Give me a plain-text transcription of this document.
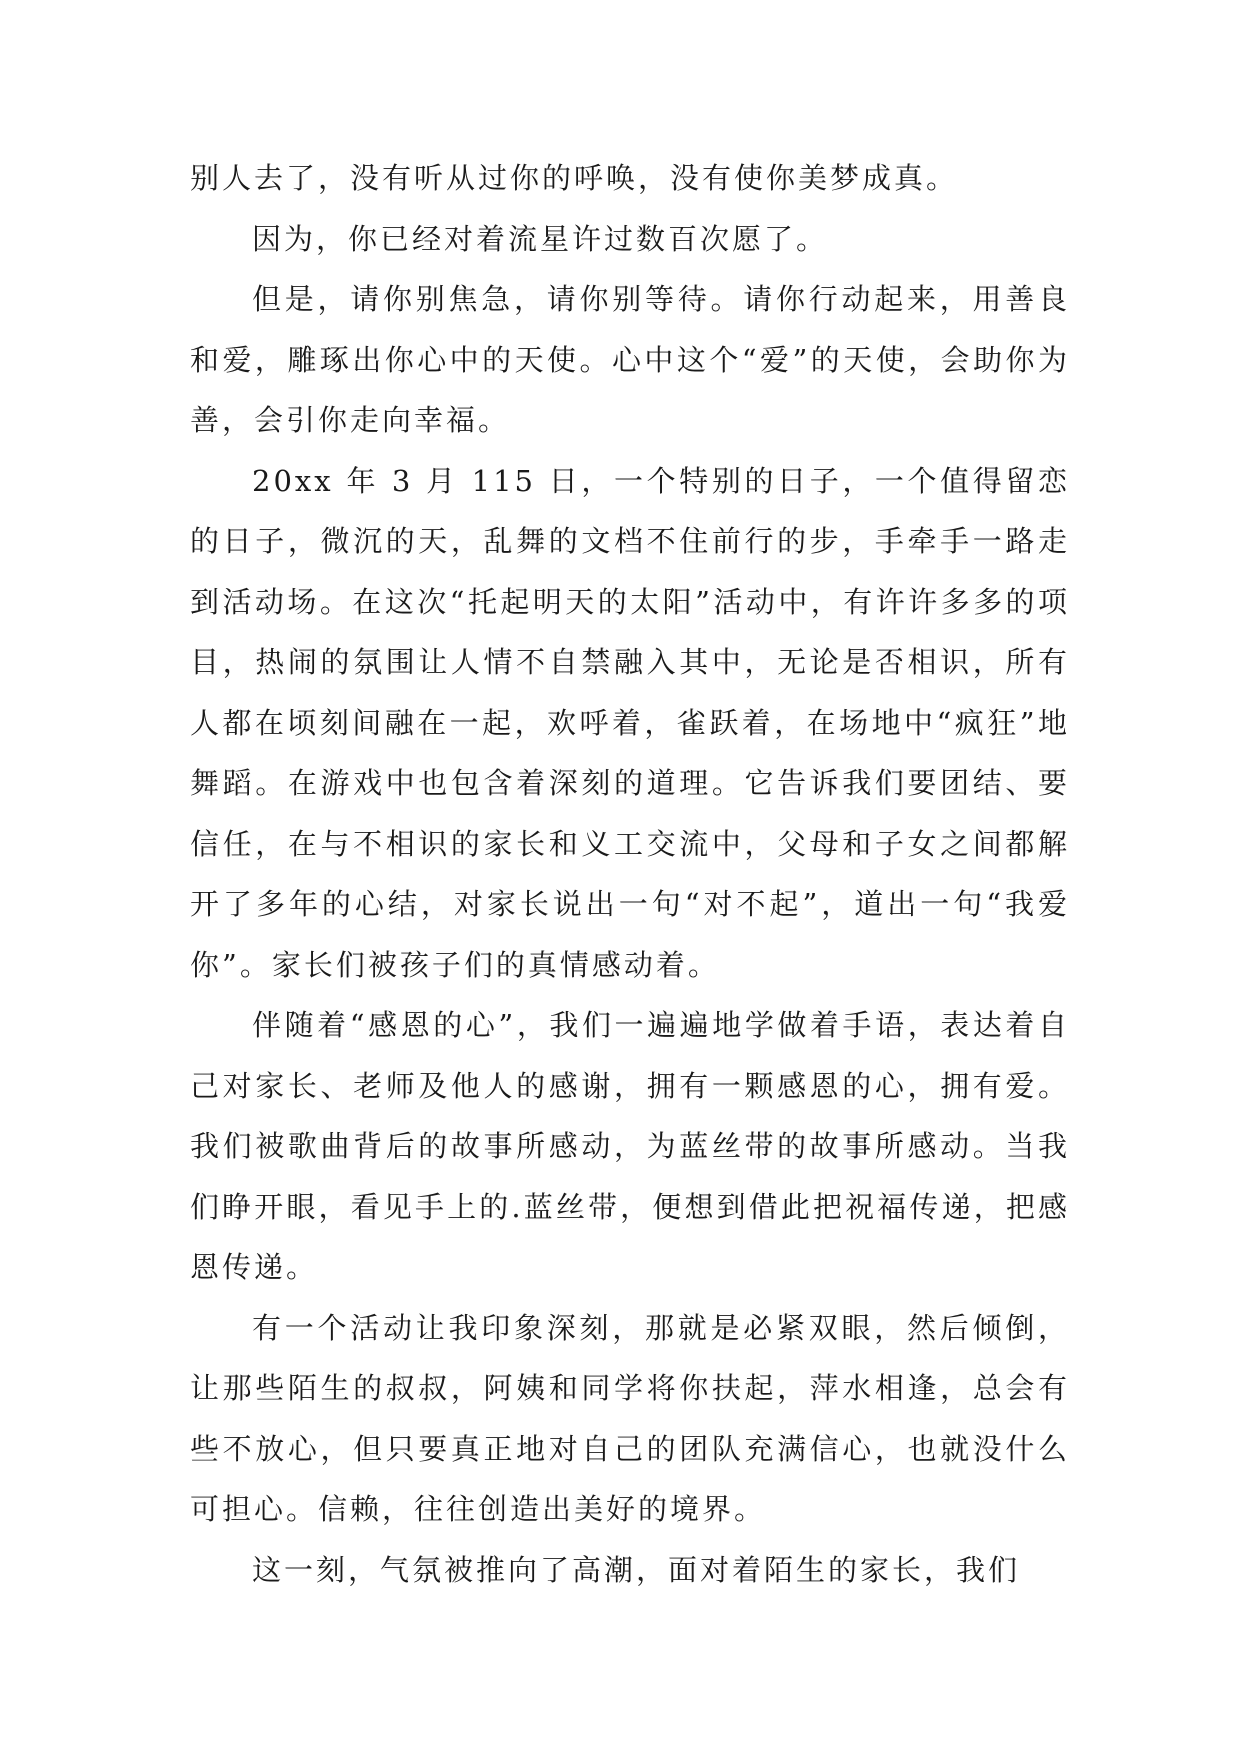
别人去了，没有听从过你的呼唤，没有使你美梦成真。

因为，你已经对着流星许过数百次愿了。

但是，请你别焦急，请你别等待。请你行动起来，用善良和爱，雕琢出你心中的天使。心中这个“爱”的天使，会助你为善，会引你走向幸福。

20xx 年 3 月 115 日，一个特别的日子，一个值得留恋的日子，微沉的天，乱舞的文档不住前行的步，手牵手一路走到活动场。在这次“托起明天的太阳”活动中，有许许多多的项目，热闹的氛围让人情不自禁融入其中，无论是否相识，所有人都在顷刻间融在一起，欢呼着，雀跃着，在场地中“疯狂”地舞蹈。在游戏中也包含着深刻的道理。它告诉我们要团结、要信任，在与不相识的家长和义工交流中，父母和子女之间都解开了多年的心结，对家长说出一句“对不起”，道出一句“我爱你”。家长们被孩子们的真情感动着。

伴随着“感恩的心”，我们一遍遍地学做着手语，表达着自己对家长、老师及他人的感谢，拥有一颗感恩的心，拥有爱。我们被歌曲背后的故事所感动，为蓝丝带的故事所感动。当我们睁开眼，看见手上的.蓝丝带，便想到借此把祝福传递，把感恩传递。

有一个活动让我印象深刻，那就是必紧双眼，然后倾倒，让那些陌生的叔叔，阿姨和同学将你扶起，萍水相逢，总会有些不放心，但只要真正地对自己的团队充满信心，也就没什么可担心。信赖，往往创造出美好的境界。

这一刻，气氛被推向了高潮，面对着陌生的家长，我们
